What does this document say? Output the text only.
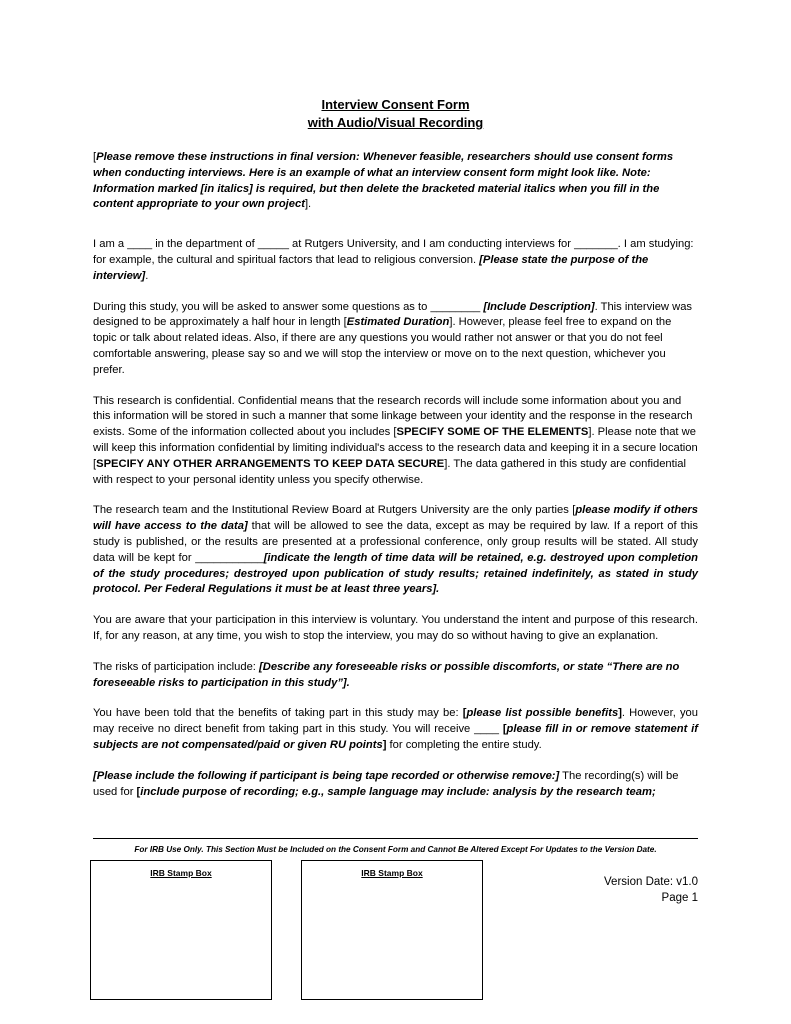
Interview Consent Form
with Audio/Visual Recording

[Please remove these instructions in final version: Whenever feasible, researchers should use consent forms when conducting interviews. Here is an example of what an interview consent form might look like. Note: Information marked [in italics] is required, but then delete the bracketed material italics when you fill in the content appropriate to your own project].

I am a ____ in the department of _____ at Rutgers University, and I am conducting interviews for _______. I am studying: for example, the cultural and spiritual factors that lead to religious conversion. [Please state the purpose of the interview].

During this study, you will be asked to answer some questions as to ________ [Include Description]. This interview was designed to be approximately a half hour in length [Estimated Duration]. However, please feel free to expand on the topic or talk about related ideas. Also, if there are any questions you would rather not answer or that you do not feel comfortable answering, please say so and we will stop the interview or move on to the next question, whichever you prefer.

This research is confidential. Confidential means that the research records will include some information about you and this information will be stored in such a manner that some linkage between your identity and the response in the research exists. Some of the information collected about you includes [SPECIFY SOME OF THE ELEMENTS]. Please note that we will keep this information confidential by limiting individual's access to the research data and keeping it in a secure location [SPECIFY ANY OTHER ARRANGEMENTS TO KEEP DATA SECURE]. The data gathered in this study are confidential with respect to your personal identity unless you specify otherwise.

The research team and the Institutional Review Board at Rutgers University are the only parties [please modify if others will have access to the data] that will be allowed to see the data, except as may be required by law. If a report of this study is published, or the results are presented at a professional conference, only group results will be stated. All study data will be kept for ___________[indicate the length of time data will be retained, e.g. destroyed upon completion of the study procedures; destroyed upon publication of study results; retained indefinitely, as stated in study protocol. Per Federal Regulations it must be at least three years].

You are aware that your participation in this interview is voluntary. You understand the intent and purpose of this research. If, for any reason, at any time, you wish to stop the interview, you may do so without having to give an explanation.

The risks of participation include: [Describe any foreseeable risks or possible discomforts, or state “There are no foreseeable risks to participation in this study”].

You have been told that the benefits of taking part in this study may be: [please list possible benefits]. However, you may receive no direct benefit from taking part in this study. You will receive ____ [please fill in or remove statement if subjects are not compensated/paid or given RU points] for completing the entire study.

[Please include the following if participant is being tape recorded or otherwise remove:] The recording(s) will be used for [include purpose of recording; e.g., sample language may include: analysis by the research team;

For IRB Use Only. This Section Must be Included on the Consent Form and Cannot Be Altered Except For Updates to the Version Date.
IRB Stamp Box	IRB Stamp Box
Version Date: v1.0
Page 1
